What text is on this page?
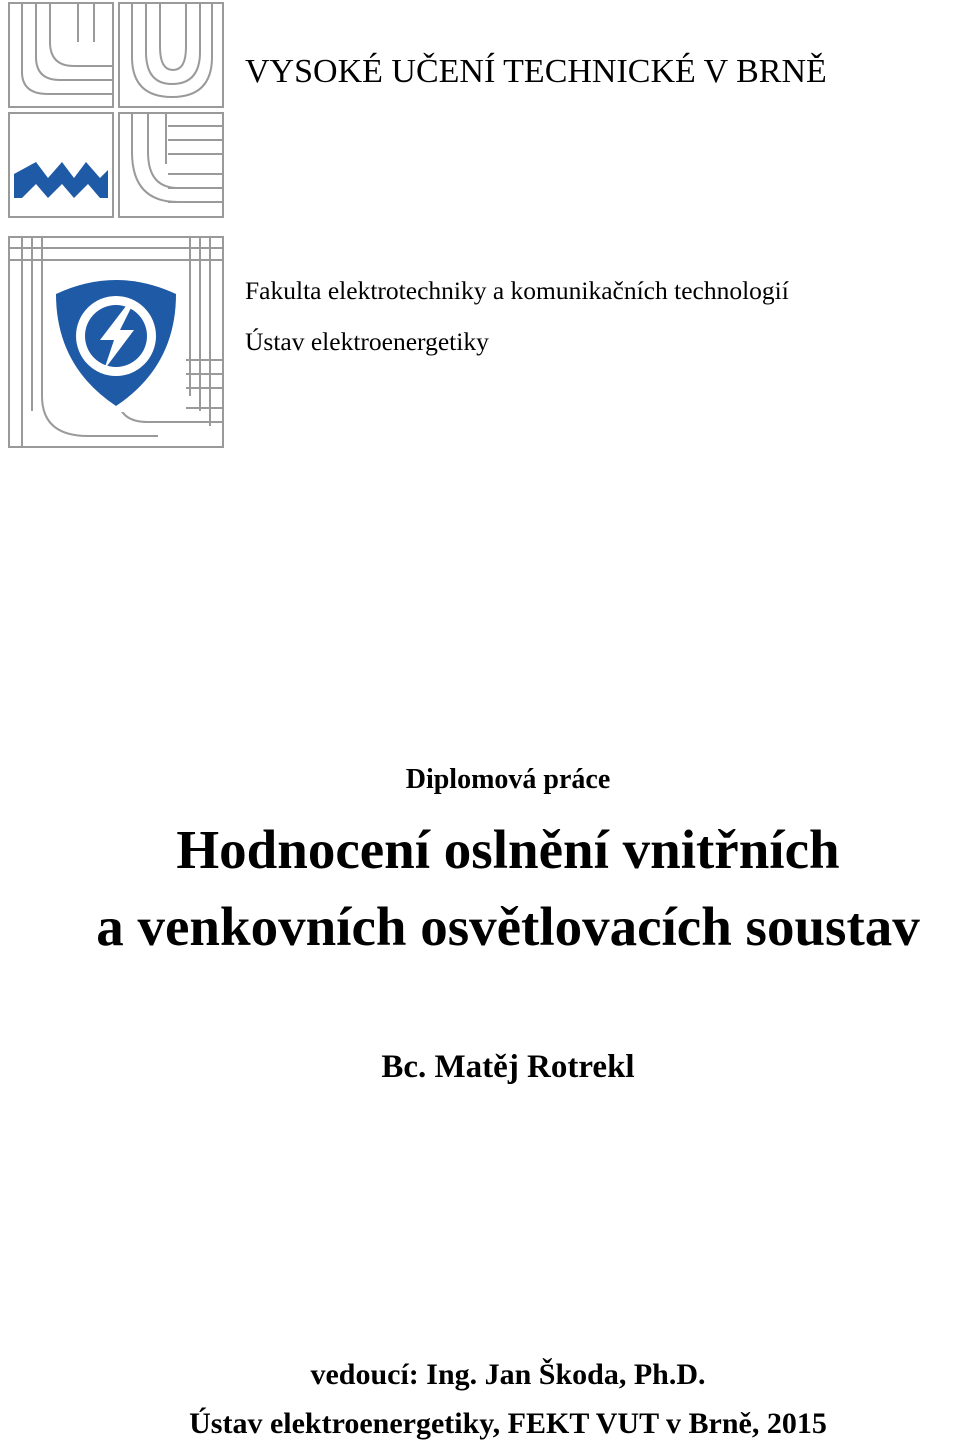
VYSOKÉ UČENÍ TECHNICKÉ V BRNĚ
Fakulta elektrotechniky a komunikačních technologií
Ústav elektroenergetiky
Diplomová práce
Hodnocení oslnění vnitřních
a venkovních osvětlovacích soustav
Bc. Matěj Rotrekl
vedoucí: Ing. Jan Škoda, Ph.D.
Ústav elektroenergetiky, FEKT VUT v Brně, 2015
